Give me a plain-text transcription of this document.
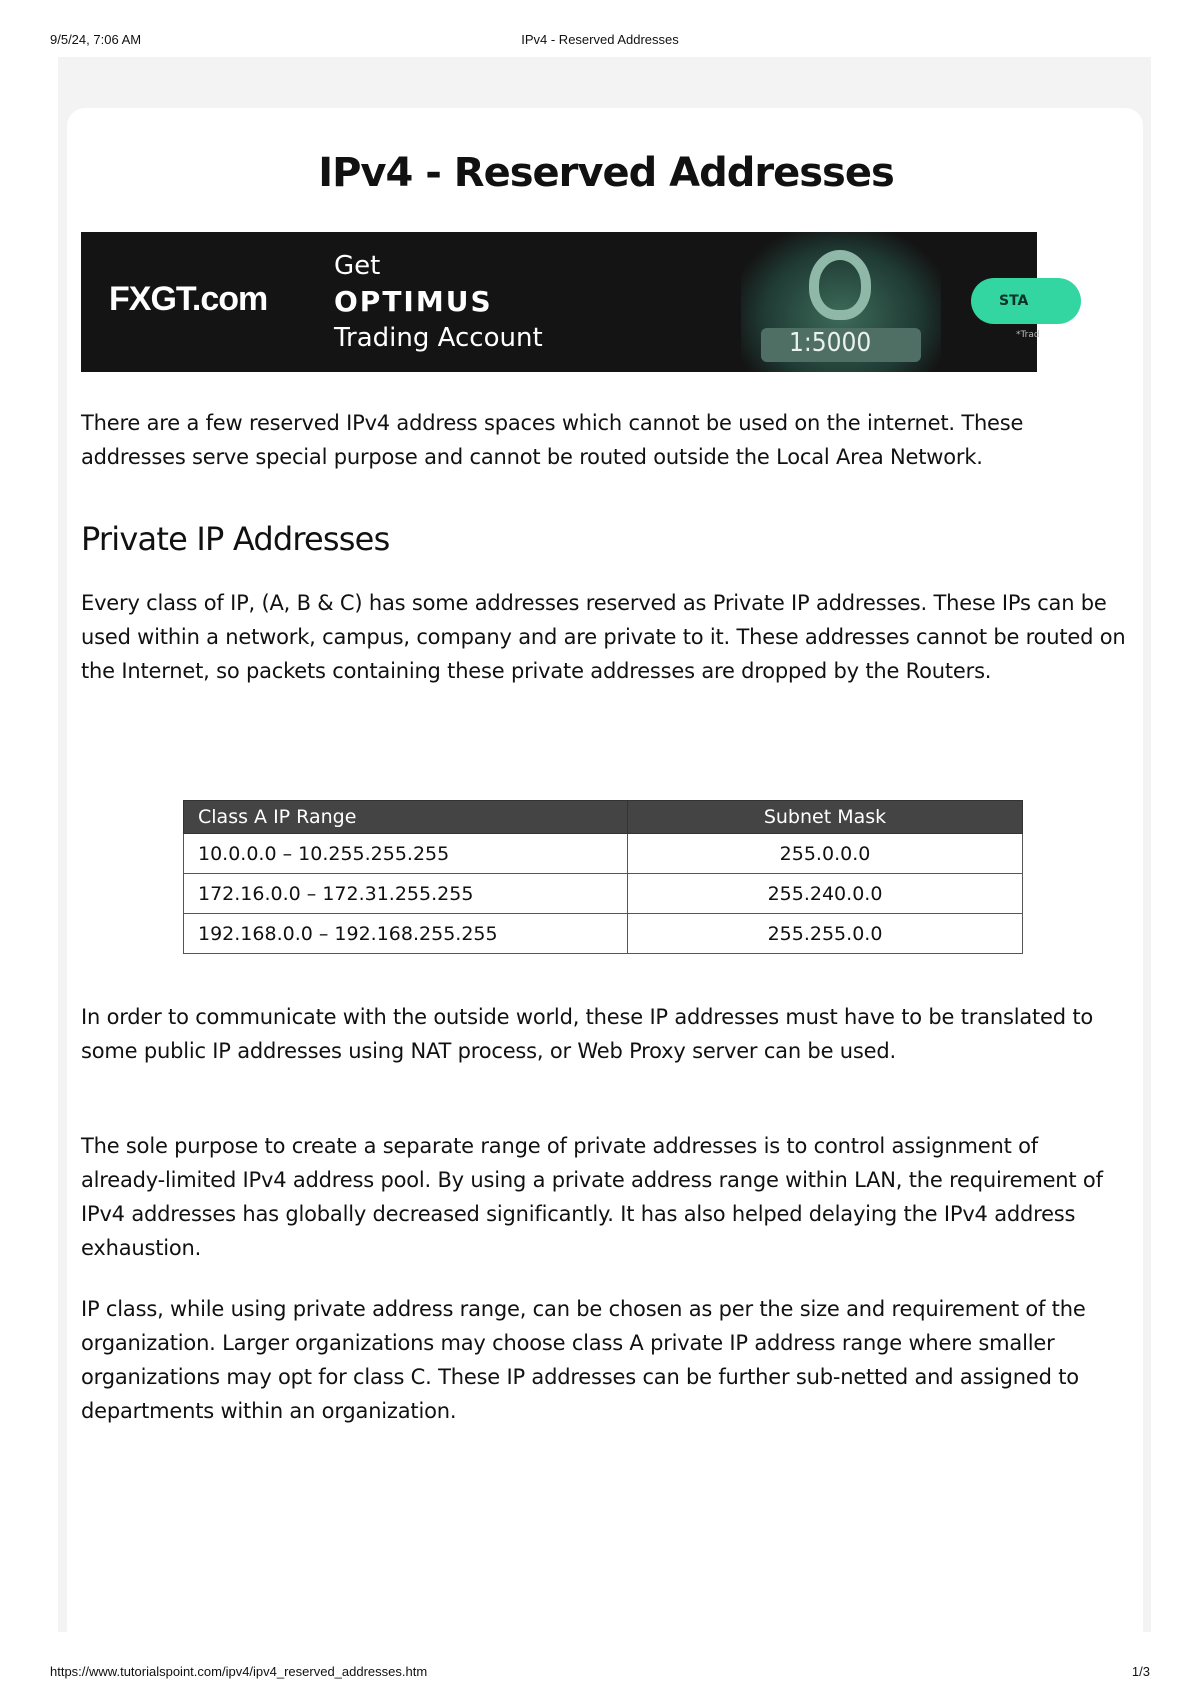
9/5/24, 7:06 AM	IPv4 - Reserved Addresses
IPv4 - Reserved Addresses
FXGT.com
Get
OPTIMUS
Trading Account	1:5000
STA
*Trad

There are a few reserved IPv4 address spaces which cannot be used on the internet. These addresses serve special purpose and cannot be routed outside the Local Area Network.

Private IP Addresses

Every class of IP, (A, B & C) has some addresses reserved as Private IP addresses. These IPs can be used within a network, campus, company and are private to it. These addresses cannot be routed on the Internet, so packets containing these private addresses are dropped by the Routers.

Class A IP Range	Subnet Mask
10.0.0.0 – 10.255.255.255	255.0.0.0
172.16.0.0 – 172.31.255.255	255.240.0.0
192.168.0.0 – 192.168.255.255	255.255.0.0

In order to communicate with the outside world, these IP addresses must have to be translated to some public IP addresses using NAT process, or Web Proxy server can be used.

The sole purpose to create a separate range of private addresses is to control assignment of already-limited IPv4 address pool. By using a private address range within LAN, the requirement of IPv4 addresses has globally decreased significantly. It has also helped delaying the IPv4 address exhaustion.

IP class, while using private address range, can be chosen as per the size and requirement of the organization. Larger organizations may choose class A private IP address range where smaller organizations may opt for class C. These IP addresses can be further sub-netted and assigned to departments within an organization.

https://www.tutorialspoint.com/ipv4/ipv4_reserved_addresses.htm	1/3
